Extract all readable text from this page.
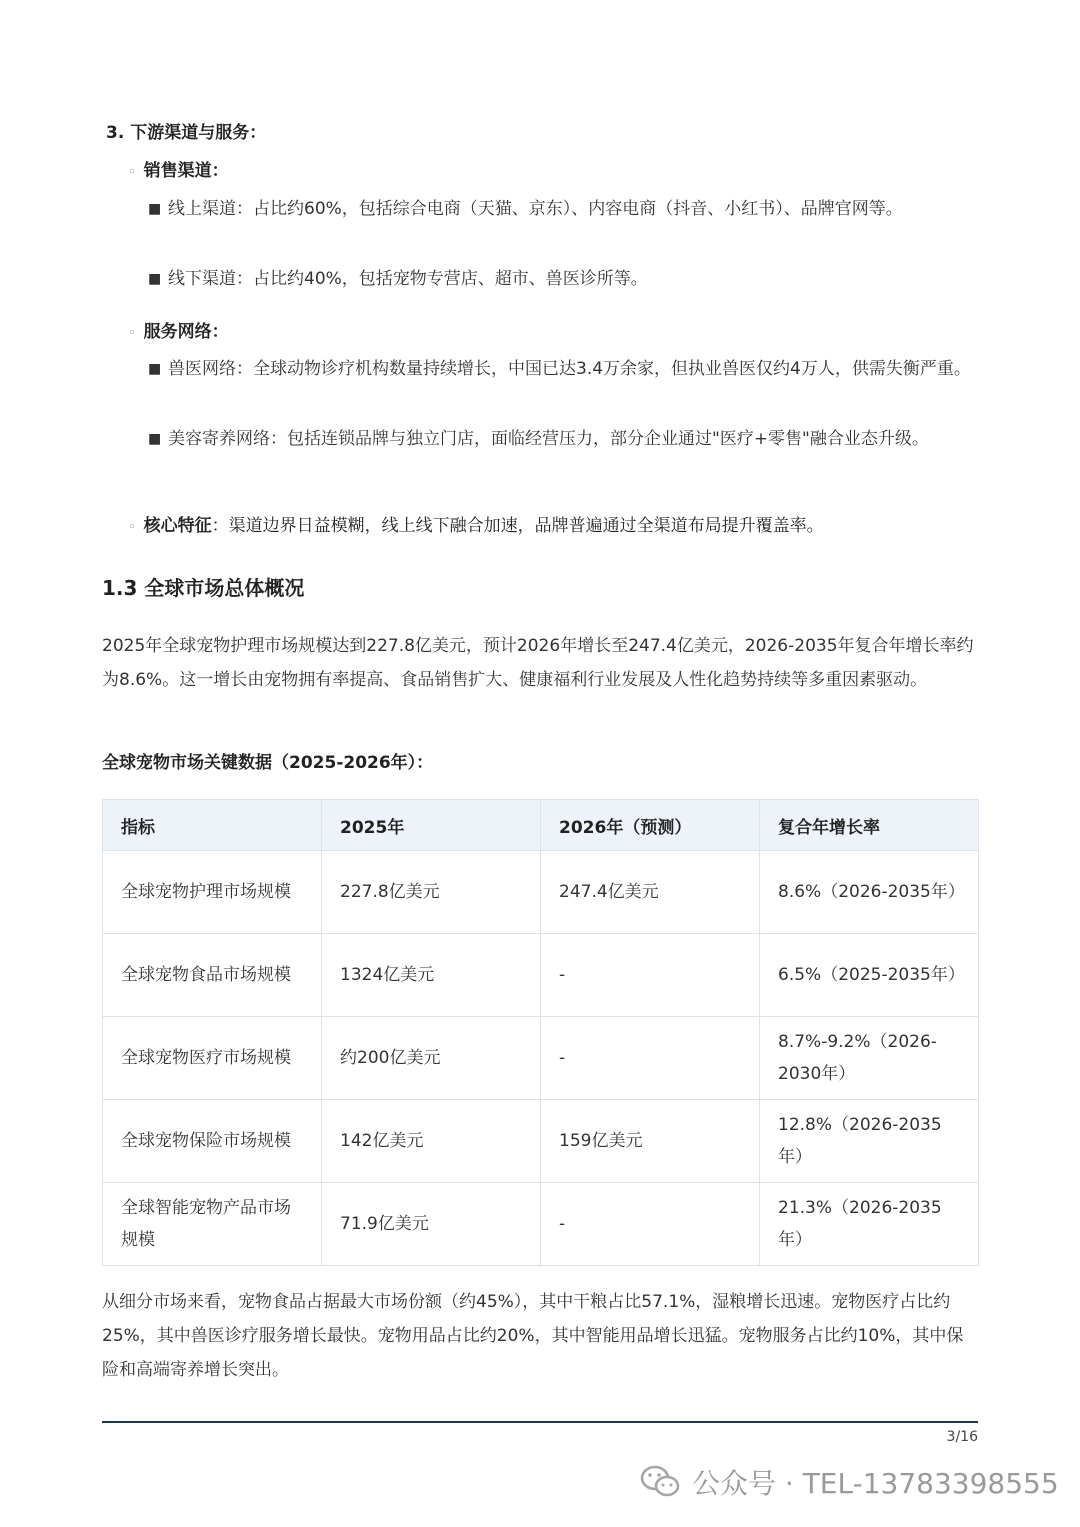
3. 下游渠道与服务：
◦ 销售渠道：
■ 线上渠道：占比约60%，包括综合电商（天猫、京东）、内容电商（抖音、小红书）、品牌官网等。
■ 线下渠道：占比约40%，包括宠物专营店、超市、兽医诊所等。
◦ 服务网络：
■ 兽医网络：全球动物诊疗机构数量持续增长，中国已达3.4万余家，但执业兽医仅约4万人，供需失衡严重。
■ 美容寄养网络：包括连锁品牌与独立门店，面临经营压力，部分企业通过"医疗+零售"融合业态升级。
◦ 核心特征：渠道边界日益模糊，线上线下融合加速，品牌普遍通过全渠道布局提升覆盖率。
1.3 全球市场总体概况

2025年全球宠物护理市场规模达到227.8亿美元，预计2026年增长至247.4亿美元，2026-2035年复合年增长率约为8.6%。这一增长由宠物拥有率提高、食品销售扩大、健康福利行业发展及人性化趋势持续等多重因素驱动。

全球宠物市场关键数据（2025-2026年）：
指标	2025年	2026年（预测）	复合年增长率
全球宠物护理市场规模	227.8亿美元	247.4亿美元	8.6%（2026-2035年）
全球宠物食品市场规模	1324亿美元	-	6.5%（2025-2035年）
全球宠物医疗市场规模	约200亿美元	-	8.7%-9.2%（2026-2030年）
全球宠物保险市场规模	142亿美元	159亿美元	12.8%（2026-2035年）
全球智能宠物产品市场规模	71.9亿美元	-	21.3%（2026-2035年）

从细分市场来看，宠物食品占据最大市场份额（约45%），其中干粮占比57.1%，湿粮增长迅速。宠物医疗占比约25%，其中兽医诊疗服务增长最快。宠物用品占比约20%，其中智能用品增长迅猛。宠物服务占比约10%，其中保险和高端寄养增长突出。

3/16
公众号 · TEL-13783398555
